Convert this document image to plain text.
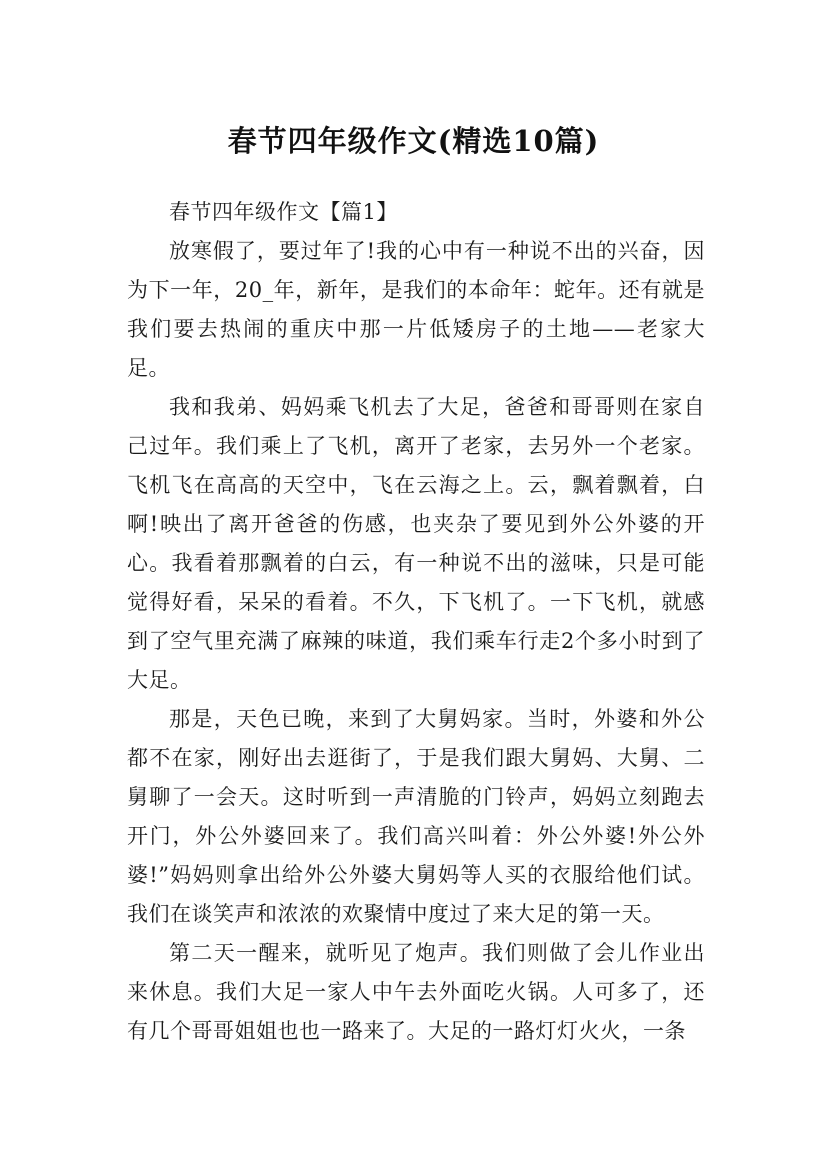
春节四年级作文(精选10篇)

春节四年级作文【篇1】

放寒假了，要过年了!我的心中有一种说不出的兴奋，因为下一年，20_年，新年，是我们的本命年：蛇年。还有就是我们要去热闹的重庆中那一片低矮房子的土地——老家大足。

我和我弟、妈妈乘飞机去了大足，爸爸和哥哥则在家自己过年。我们乘上了飞机，离开了老家，去另外一个老家。飞机飞在高高的天空中，飞在云海之上。云，飘着飘着，白啊!映出了离开爸爸的伤感，也夹杂了要见到外公外婆的开心。我看着那飘着的白云，有一种说不出的滋味，只是可能觉得好看，呆呆的看着。不久，下飞机了。一下飞机，就感到了空气里充满了麻辣的味道，我们乘车行走2个多小时到了大足。

那是，天色已晚，来到了大舅妈家。当时，外婆和外公都不在家，刚好出去逛街了，于是我们跟大舅妈、大舅、二舅聊了一会天。这时听到一声清脆的门铃声，妈妈立刻跑去开门，外公外婆回来了。我们高兴叫着：外公外婆!外公外婆!”妈妈则拿出给外公外婆大舅妈等人买的衣服给他们试。我们在谈笑声和浓浓的欢聚情中度过了来大足的第一天。

第二天一醒来，就听见了炮声。我们则做了会儿作业出来休息。我们大足一家人中午去外面吃火锅。人可多了，还有几个哥哥姐姐也也一路来了。大足的一路灯灯火火，一条
